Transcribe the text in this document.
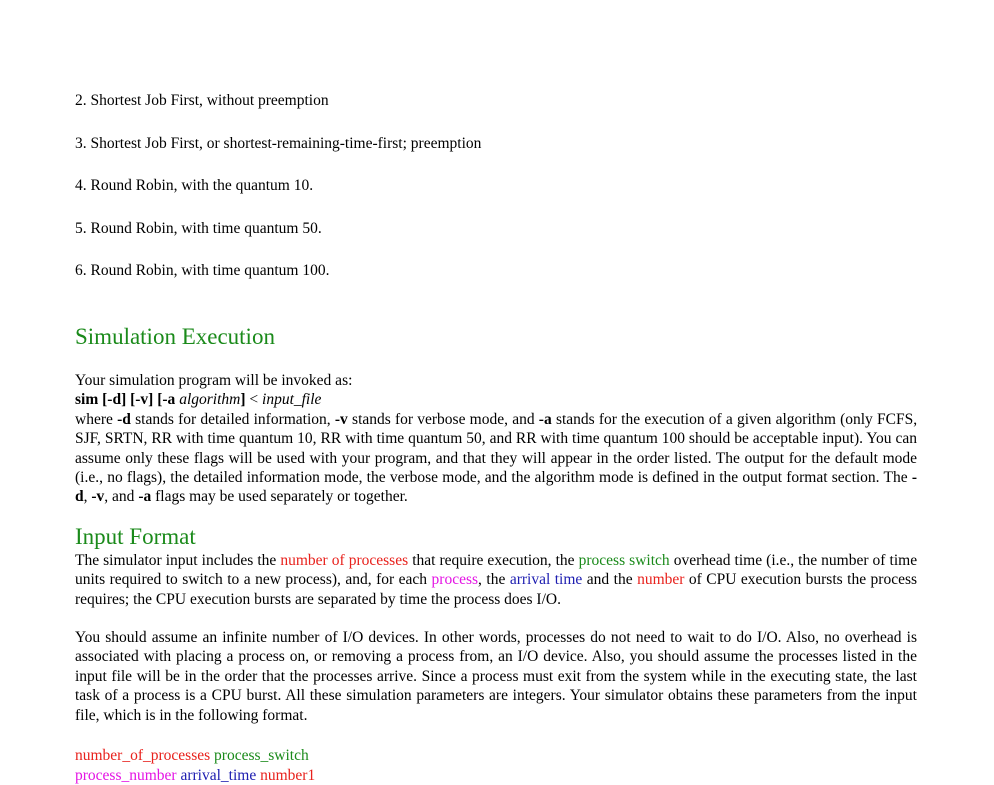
2. Shortest Job First, without preemption
3. Shortest Job First, or shortest-remaining-time-first; preemption
4. Round Robin, with the quantum 10.
5. Round Robin, with time quantum 50.
6. Round Robin, with time quantum 100.
Simulation Execution
Your simulation program will be invoked as:
sim [-d] [-v] [-a algorithm] < input_file
where -d stands for detailed information, -v stands for verbose mode, and -a stands for the execution of a given algorithm (only FCFS, SJF, SRTN, RR with time quantum 10, RR with time quantum 50, and RR with time quantum 100 should be acceptable input). You can assume only these flags will be used with your program, and that they will appear in the order listed. The output for the default mode (i.e., no flags), the detailed information mode, the verbose mode, and the algorithm mode is defined in the output format section. The -d, -v, and -a flags may be used separately or together.
Input Format
The simulator input includes the number of processes that require execution, the process switch overhead time (i.e., the number of time units required to switch to a new process), and, for each process, the arrival time and the number of CPU execution bursts the process requires; the CPU execution bursts are separated by time the process does I/O.
You should assume an infinite number of I/O devices. In other words, processes do not need to wait to do I/O. Also, no overhead is associated with placing a process on, or removing a process from, an I/O device. Also, you should assume the processes listed in the input file will be in the order that the processes arrive. Since a process must exit from the system while in the executing state, the last task of a process is a CPU burst. All these simulation parameters are integers. Your simulator obtains these parameters from the input file, which is in the following format.
number_of_processes process_switch
process_number arrival_time number1
